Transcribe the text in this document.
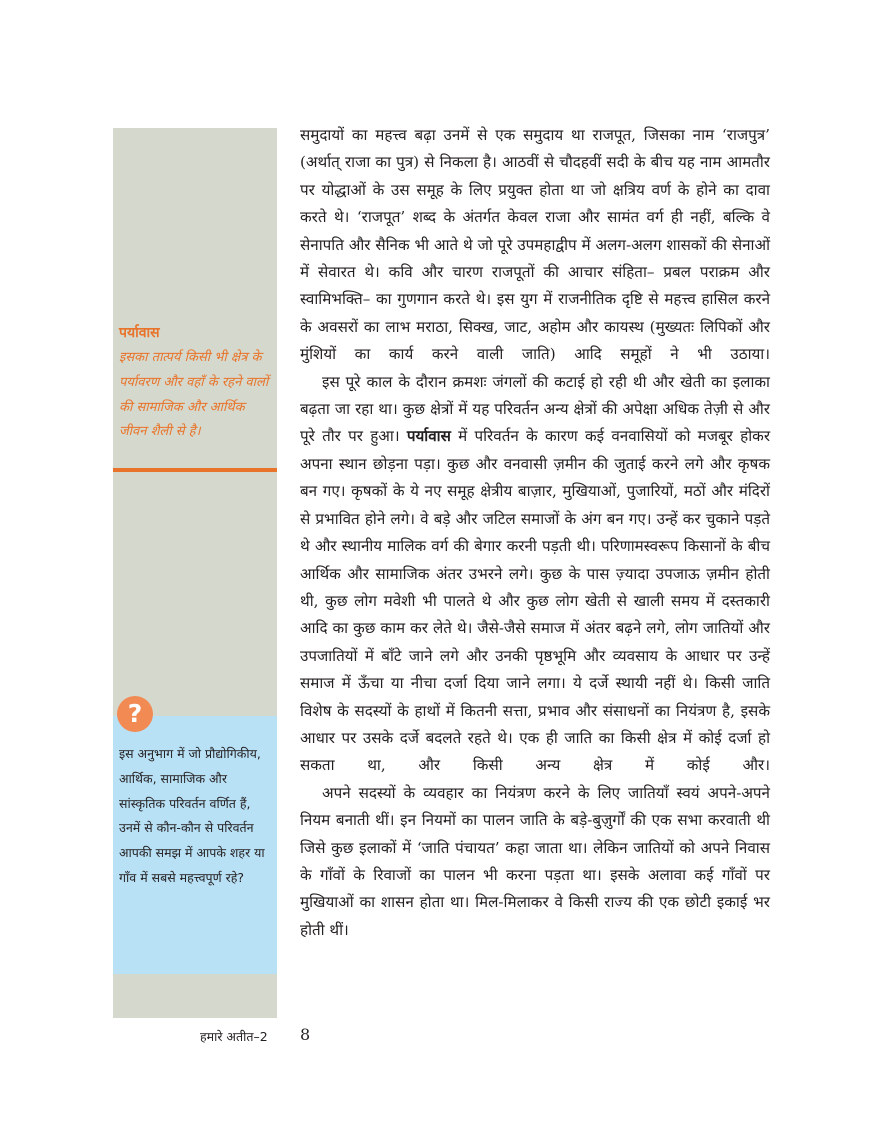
पर्यावास

इसका तात्पर्य किसी भी क्षेत्र के पर्यावरण और वहाँ के रहने वालों की सामाजिक और आर्थिक जीवन शैली से है।

इस अनुभाग में जो प्रौद्योगिकीय, आर्थिक, सामाजिक और सांस्कृतिक परिवर्तन वर्णित हैं, उनमें से कौन-कौन से परिवर्तन आपकी समझ में आपके शहर या गाँव में सबसे महत्त्वपूर्ण रहे?

?

समुदायों का महत्त्व बढ़ा उनमें से एक समुदाय था राजपूत, जिसका नाम ‘राजपुत्र’ (अर्थात् राजा का पुत्र) से निकला है। आठवीं से चौदहवीं सदी के बीच यह नाम आमतौर पर योद्धाओं के उस समूह के लिए प्रयुक्त होता था जो क्षत्रिय वर्ण के होने का दावा करते थे। ‘राजपूत’ शब्द के अंतर्गत केवल राजा और सामंत वर्ग ही नहीं, बल्कि वे सेनापति और सैनिक भी आते थे जो पूरे उपमहाद्वीप में अलग-अलग शासकों की सेनाओं में सेवारत थे। कवि और चारण राजपूतों की आचार संहिता– प्रबल पराक्रम और स्वामिभक्ति– का गुणगान करते थे। इस युग में राजनीतिक दृष्टि से महत्त्व हासिल करने के अवसरों का लाभ मराठा, सिक्ख, जाट, अहोम और कायस्थ (मुख्यतः लिपिकों और मुंशियों का कार्य करने वाली जाति) आदि समूहों ने भी उठाया।

इस पूरे काल के दौरान क्रमशः जंगलों की कटाई हो रही थी और खेती का इलाका बढ़ता जा रहा था। कुछ क्षेत्रों में यह परिवर्तन अन्य क्षेत्रों की अपेक्षा अधिक तेज़ी से और पूरे तौर पर हुआ। पर्यावास में परिवर्तन के कारण कई वनवासियों को मजबूर होकर अपना स्थान छोड़ना पड़ा। कुछ और वनवासी ज़मीन की जुताई करने लगे और कृषक बन गए। कृषकों के ये नए समूह क्षेत्रीय बाज़ार, मुखियाओं, पुजारियों, मठों और मंदिरों से प्रभावित होने लगे। वे बड़े और जटिल समाजों के अंग बन गए। उन्हें कर चुकाने पड़ते थे और स्थानीय मालिक वर्ग की बेगार करनी पड़ती थी। परिणामस्वरूप किसानों के बीच आर्थिक और सामाजिक अंतर उभरने लगे। कुछ के पास ज़्यादा उपजाऊ ज़मीन होती थी, कुछ लोग मवेशी भी पालते थे और कुछ लोग खेती से खाली समय में दस्तकारी आदि का कुछ काम कर लेते थे। जैसे-जैसे समाज में अंतर बढ़ने लगे, लोग जातियों और उपजातियों में बाँटे जाने लगे और उनकी पृष्ठभूमि और व्यवसाय के आधार पर उन्हें समाज में ऊँचा या नीचा दर्जा दिया जाने लगा। ये दर्जे स्थायी नहीं थे। किसी जाति विशेष के सदस्यों के हाथों में कितनी सत्ता, प्रभाव और संसाधनों का नियंत्रण है, इसके आधार पर उसके दर्जे बदलते रहते थे। एक ही जाति का किसी क्षेत्र में कोई दर्जा हो सकता था, और किसी अन्य क्षेत्र में कोई और।

अपने सदस्यों के व्यवहार का नियंत्रण करने के लिए जातियाँ स्वयं अपने-अपने नियम बनाती थीं। इन नियमों का पालन जाति के बड़े-बुज़ुर्गों की एक सभा करवाती थी जिसे कुछ इलाकों में ‘जाति पंचायत’ कहा जाता था। लेकिन जातियों को अपने निवास के गाँवों के रिवाजों का पालन भी करना पड़ता था। इसके अलावा कई गाँवों पर मुखियाओं का शासन होता था। मिल-मिलाकर वे किसी राज्य की एक छोटी इकाई भर होती थीं।

हमारे अतीत–2 8
